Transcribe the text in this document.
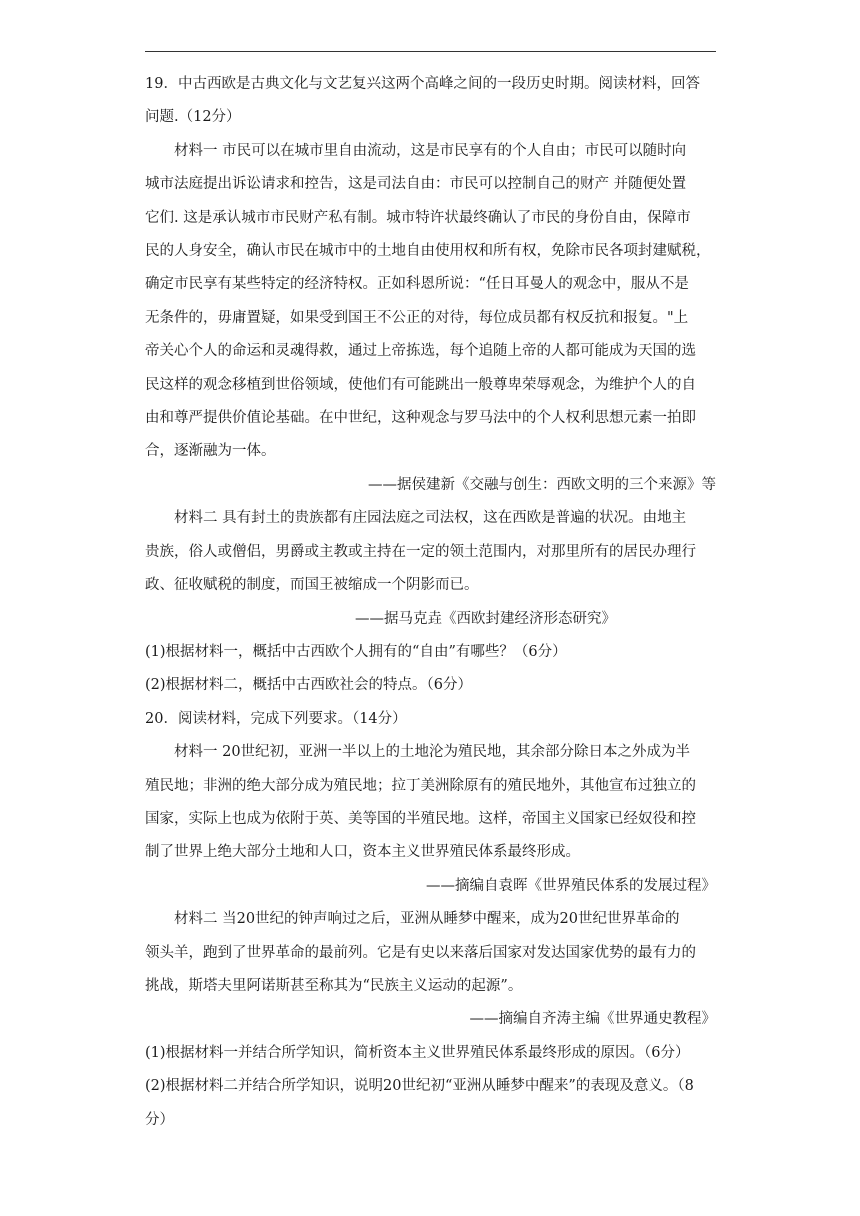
19．中古西欧是古典文化与文艺复兴这两个高峰之间的一段历史时期。阅读材料，回答
问题.（12分）
材料一 市民可以在城市里自由流动，这是市民享有的个人自由；市民可以随时向
城市法庭提出诉讼请求和控告，这是司法自由：市民可以控制自己的财产 并随便处置
它们. 这是承认城市市民财产私有制。城市特许状最终确认了市民的身份自由，保障市
民的人身安全，确认市民在城市中的土地自由使用权和所有权，免除市民各项封建赋税，
确定市民享有某些特定的经济特权。正如科恩所说：“任日耳曼人的观念中，服从不是
无条件的，毋庸置疑，如果受到国王不公正的对待，每位成员都有权反抗和报复。"上
帝关心个人的命运和灵魂得救，通过上帝拣选，每个追随上帝的人都可能成为天国的选
民这样的观念移植到世俗领域，使他们有可能跳出一般尊卑荣辱观念，为维护个人的自
由和尊严提供价值论基础。在中世纪，这种观念与罗马法中的个人权利思想元素一拍即
合，逐渐融为一体。
——据侯建新《交融与创生：西欧文明的三个来源》等
材料二 具有封土的贵族都有庄园法庭之司法权，这在西欧是普遍的状况。由地主
贵族，俗人或僧侣，男爵或主教或主持在一定的领土范围内，对那里所有的居民办理行
政、征收赋税的制度，而国王被缩成一个阴影而已。
——据马克垚《西欧封建经济形态研究》
(1)根据材料一，概括中古西欧个人拥有的“自由”有哪些？（6分）
(2)根据材料二，概括中古西欧社会的特点。（6分）
20．阅读材料，完成下列要求。（14分）
材料一 20世纪初，亚洲一半以上的土地沦为殖民地，其余部分除日本之外成为半
殖民地；非洲的绝大部分成为殖民地；拉丁美洲除原有的殖民地外，其他宣布过独立的
国家，实际上也成为依附于英、美等国的半殖民地。这样，帝国主义国家已经奴役和控
制了世界上绝大部分土地和人口，资本主义世界殖民体系最终形成。
——摘编自袁晖《世界殖民体系的发展过程》
材料二 当20世纪的钟声响过之后，亚洲从睡梦中醒来，成为20世纪世界革命的
领头羊，跑到了世界革命的最前列。它是有史以来落后国家对发达国家优势的最有力的
挑战，斯塔夫里阿诺斯甚至称其为“民族主义运动的起源”。
——摘编自齐涛主编《世界通史教程》
(1)根据材料一并结合所学知识，简析资本主义世界殖民体系最终形成的原因。（6分）
(2)根据材料二并结合所学知识，说明20世纪初“亚洲从睡梦中醒来”的表现及意义。（8
分）
